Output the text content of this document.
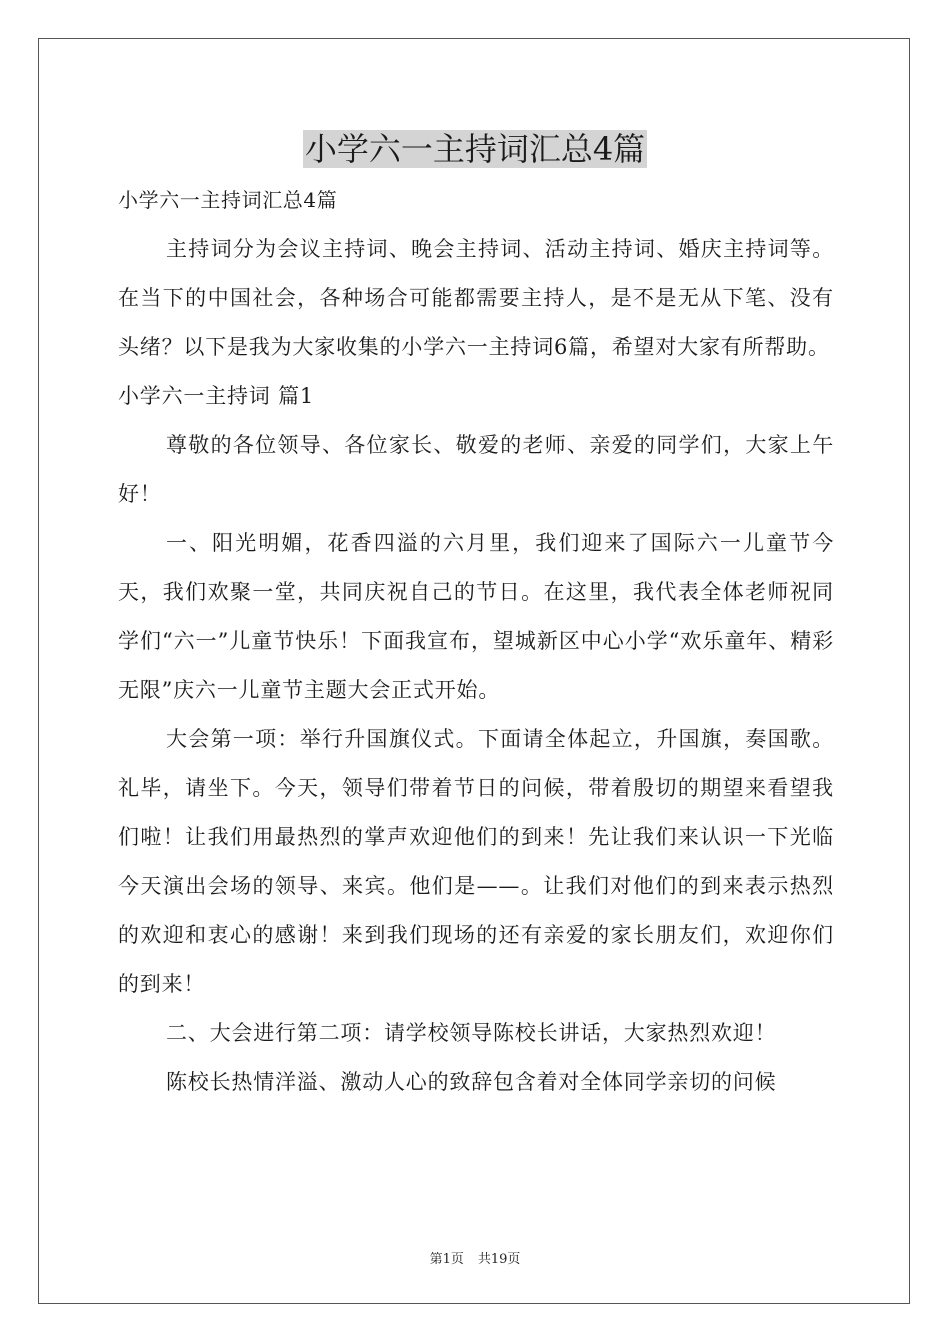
小学六一主持词汇总4篇

小学六一主持词汇总4篇

主持词分为会议主持词、晚会主持词、活动主持词、婚庆主持词等。在当下的中国社会，各种场合可能都需要主持人，是不是无从下笔、没有头绪？以下是我为大家收集的小学六一主持词6篇，希望对大家有所帮助。

小学六一主持词 篇1

尊敬的各位领导、各位家长、敬爱的老师、亲爱的同学们，大家上午好！

一、阳光明媚，花香四溢的六月里，我们迎来了国际六一儿童节今天，我们欢聚一堂，共同庆祝自己的节日。在这里，我代表全体老师祝同学们“六一”儿童节快乐！下面我宣布，望城新区中心小学“欢乐童年、精彩无限”庆六一儿童节主题大会正式开始。

大会第一项：举行升国旗仪式。下面请全体起立，升国旗，奏国歌。礼毕，请坐下。今天，领导们带着节日的问候，带着殷切的期望来看望我们啦！让我们用最热烈的掌声欢迎他们的到来！先让我们来认识一下光临今天演出会场的领导、来宾。他们是——。让我们对他们的到来表示热烈的欢迎和衷心的感谢！来到我们现场的还有亲爱的家长朋友们，欢迎你们的到来！

二、大会进行第二项：请学校领导陈校长讲话，大家热烈欢迎！

陈校长热情洋溢、激动人心的致辞包含着对全体同学亲切的问候

第1页 共19页
